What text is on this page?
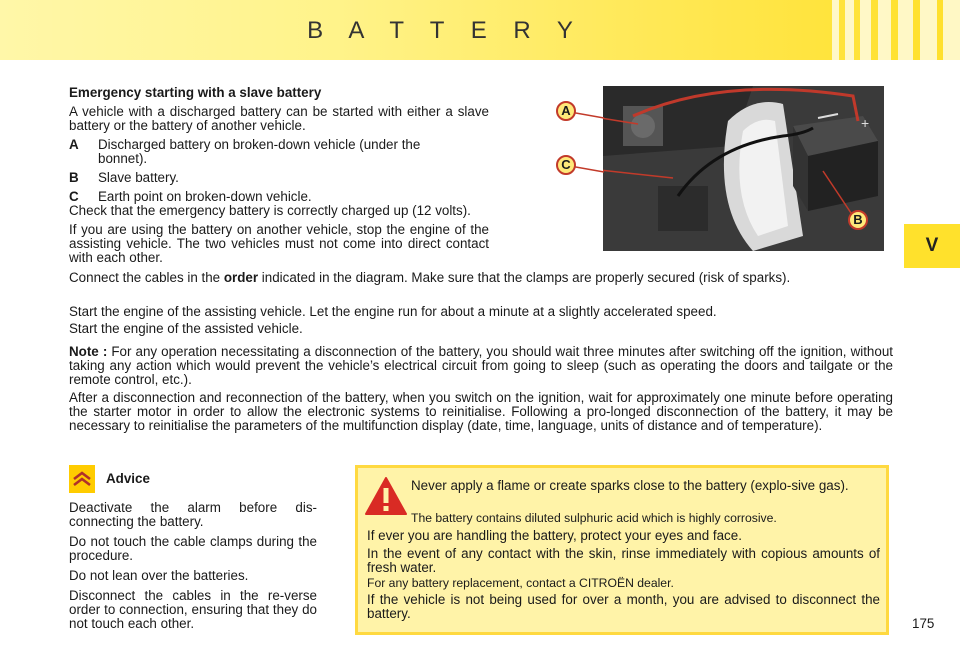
B A T T E R Y
V

Emergency starting with a slave battery

A vehicle with a discharged battery can be started with either a slave battery or the battery of another vehicle.

A	Discharged battery on broken-down vehicle (under the bonnet).
B	Slave battery.
C	Earth point on broken-down vehicle.

Check that the emergency battery is correctly charged up (12 volts).

If you are using the battery on another vehicle, stop the engine of the assisting vehicle. The two vehicles must not come into direct contact with each other.

+
A
C
B

Connect the cables in the order indicated in the diagram. Make sure that the clamps are properly secured (risk of sparks).

Start the engine of the assisting vehicle. Let the engine run for about a minute at a slightly accelerated speed.

Start the engine of the assisted vehicle.

Note : For any operation necessitating a disconnection of the battery, you should wait three minutes after switching off the ignition, without taking any action which would prevent the vehicle’s electrical circuit from going to sleep (such as operating the doors and tailgate or the remote control, etc.).

After a disconnection and reconnection of the battery, when you switch on the ignition, wait for approximately one minute before operating the starter motor in order to allow the electronic systems to reinitialise. Following a pro-longed disconnection of the battery, it may be necessary to reinitialise the parameters of the multifunction display (date, time, language, units of distance and of temperature).

Advice

Deactivate the alarm before dis-connecting the battery.

Do not touch the cable clamps during the procedure.

Do not lean over the batteries.

Disconnect the cables in the re-verse order to connection, ensuring that they do not touch each other.

Never apply a flame or create sparks close to the battery (explo-sive gas).

The battery contains diluted sulphuric acid which is highly corrosive.

If ever you are handling the battery, protect your eyes and face.

In the event of any contact with the skin, rinse immediately with copious amounts of fresh water.

For any battery replacement, contact a CITROËN dealer.

If the vehicle is not being used for over a month, you are advised to disconnect the battery.

175
